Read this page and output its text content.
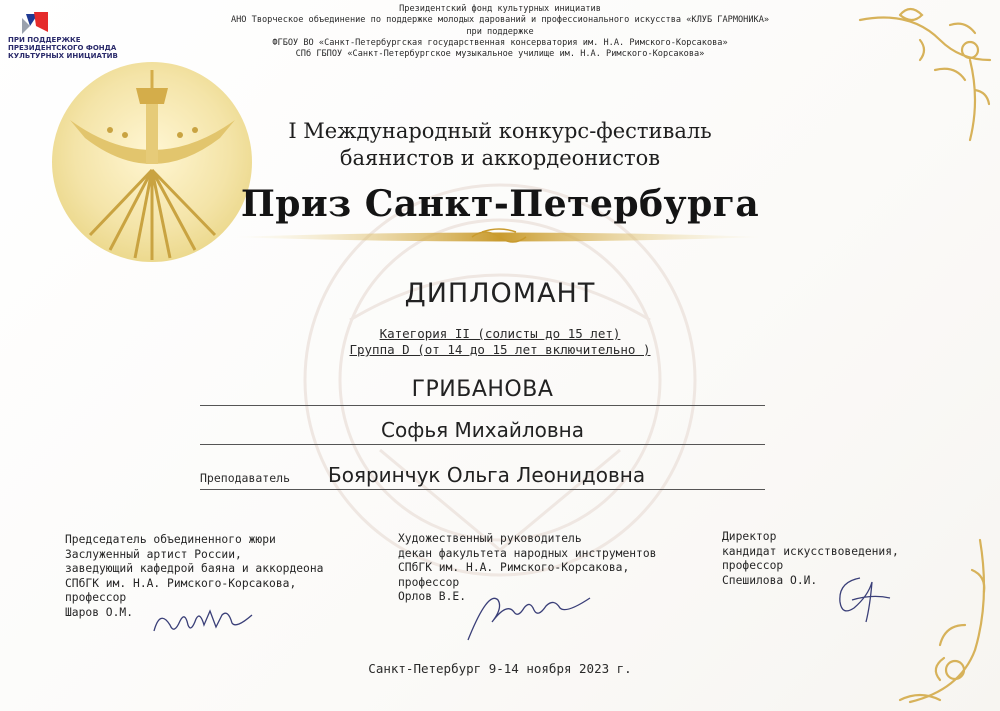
ПРИ ПОДДЕРЖКЕ
ПРЕЗИДЕНТСКОГО ФОНДА
КУЛЬТУРНЫХ ИНИЦИАТИВ
Президентский фонд культурных инициатив
АНО Творческое объединение по поддержке молодых дарований и профессионального искусства «КЛУБ ГАРМОНИКА»
при поддержке
ФГБОУ ВО «Санкт-Петербургская государственная консерватория им. Н.А. Римского-Корсакова»
СПб ГБПОУ «Санкт-Петербургское музыкальное училище им. Н.А. Римского-Корсакова»
I Международный конкурс-фестиваль
баянистов и аккордеонистов
Приз Санкт-Петербурга
ДИПЛОМАНТ
Категория II (солисты до 15 лет)
Группа D (от 14 до 15 лет включительно )
ГРИБАНОВА
Софья Михайловна
Преподаватель Бояринчук Ольга Леонидовна
Председатель объединенного жюри
Заслуженный артист России,
заведующий кафедрой баяна и аккордеона
СПбГК им. Н.А. Римского-Корсакова,
профессор
Шаров О.М.
Художественный руководитель
декан факультета народных инструментов
СПбГК им. Н.А. Римского-Корсакова,
профессор
Орлов В.Е.
Директор
кандидат искусствоведения,
профессор
Спешилова О.И.
Санкт-Петербург 9-14 ноября 2023 г.
